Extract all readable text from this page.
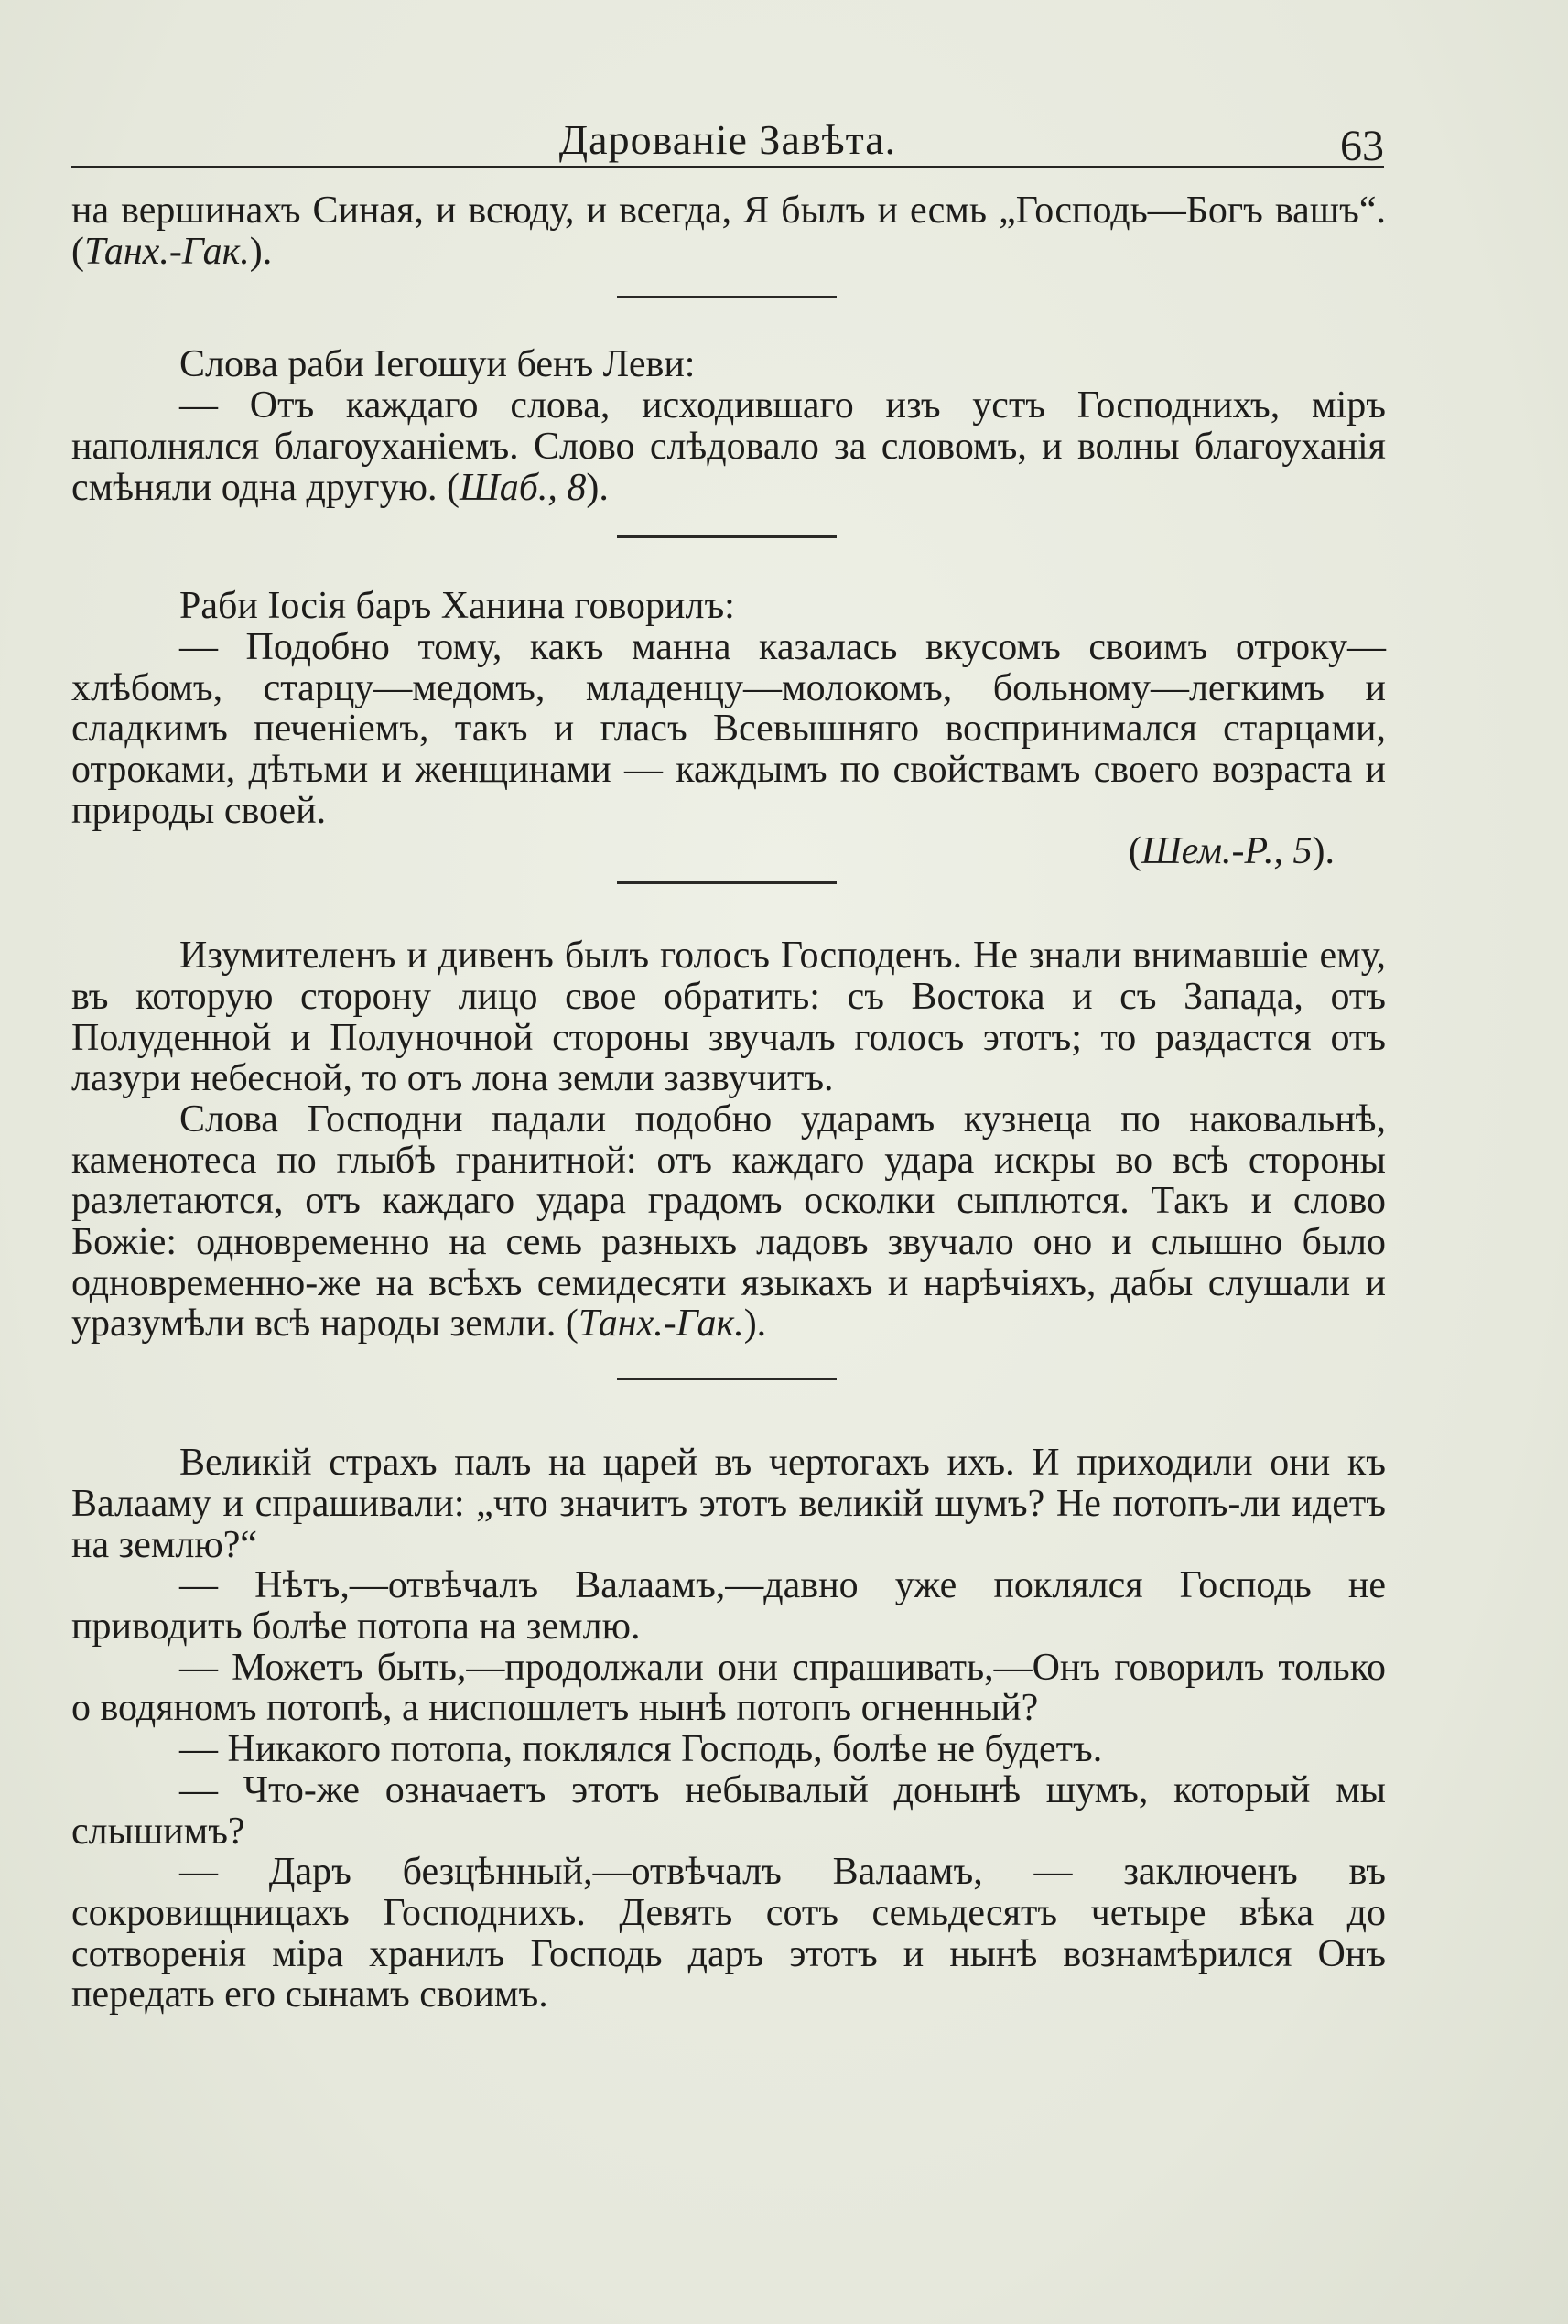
Дарованіе Завѣта.	63

на вершинахъ Синая, и всюду, и всегда, Я былъ и есмь „Господь—Богъ вашъ“. (Танх.-Гак.).

Слова раби Іегошуи бенъ Леви:

— Отъ каждаго слова, исходившаго изъ устъ Господнихъ, міръ наполнялся благоуханіемъ. Слово слѣдовало за словомъ, и волны благоуханія смѣняли одна другую. (Шаб., 8).

Раби Іосія баръ Ханина говорилъ:

— Подобно тому, какъ манна казалась вкусомъ своимъ отроку—хлѣбомъ, старцу—медомъ, младенцу—молокомъ, больному—легкимъ и сладкимъ печеніемъ, такъ и гласъ Всевышняго воспринимался старцами, отроками, дѣтьми и женщинами — каждымъ по свойствамъ своего возраста и природы своей.

(Шем.-Р., 5).

Изумителенъ и дивенъ былъ голосъ Господенъ. Не знали внимавшіе ему, въ которую сторону лицо свое обратить: съ Востока и съ Запада, отъ Полуденной и Полуночной стороны звучалъ голосъ этотъ; то раздастся отъ лазури небесной, то отъ лона земли зазвучитъ.

Слова Господни падали подобно ударамъ кузнеца по наковальнѣ, каменотеса по глыбѣ гранитной: отъ каждаго удара искры во всѣ стороны разлетаются, отъ каждаго удара градомъ осколки сыплются. Такъ и слово Божіе: одновременно на семь разныхъ ладовъ звучало оно и слышно было одновременно-же на всѣхъ семидесяти языкахъ и нарѣчіяхъ, дабы слушали и уразумѣли всѣ народы земли. (Танх.-Гак.).

Великій страхъ палъ на царей въ чертогахъ ихъ. И приходили они къ Валааму и спрашивали: „что значитъ этотъ великій шумъ? Не потопъ-ли идетъ на землю?“

— Нѣтъ,—отвѣчалъ Валаамъ,—давно уже поклялся Господь не приводить болѣе потопа на землю.

— Можетъ быть,—продолжали они спрашивать,—Онъ говорилъ только о водяномъ потопѣ, а ниспошлетъ нынѣ потопъ огненный?

— Никакого потопа, поклялся Господь, болѣе не будетъ.

— Что-же означаетъ этотъ небывалый донынѣ шумъ, который мы слышимъ?

— Даръ безцѣнный,—отвѣчалъ Валаамъ, — заключенъ въ сокровищницахъ Господнихъ. Девять сотъ семьдесятъ четыре вѣка до сотворенія міра хранилъ Господь даръ этотъ и нынѣ вознамѣрился Онъ передать его сынамъ своимъ.
